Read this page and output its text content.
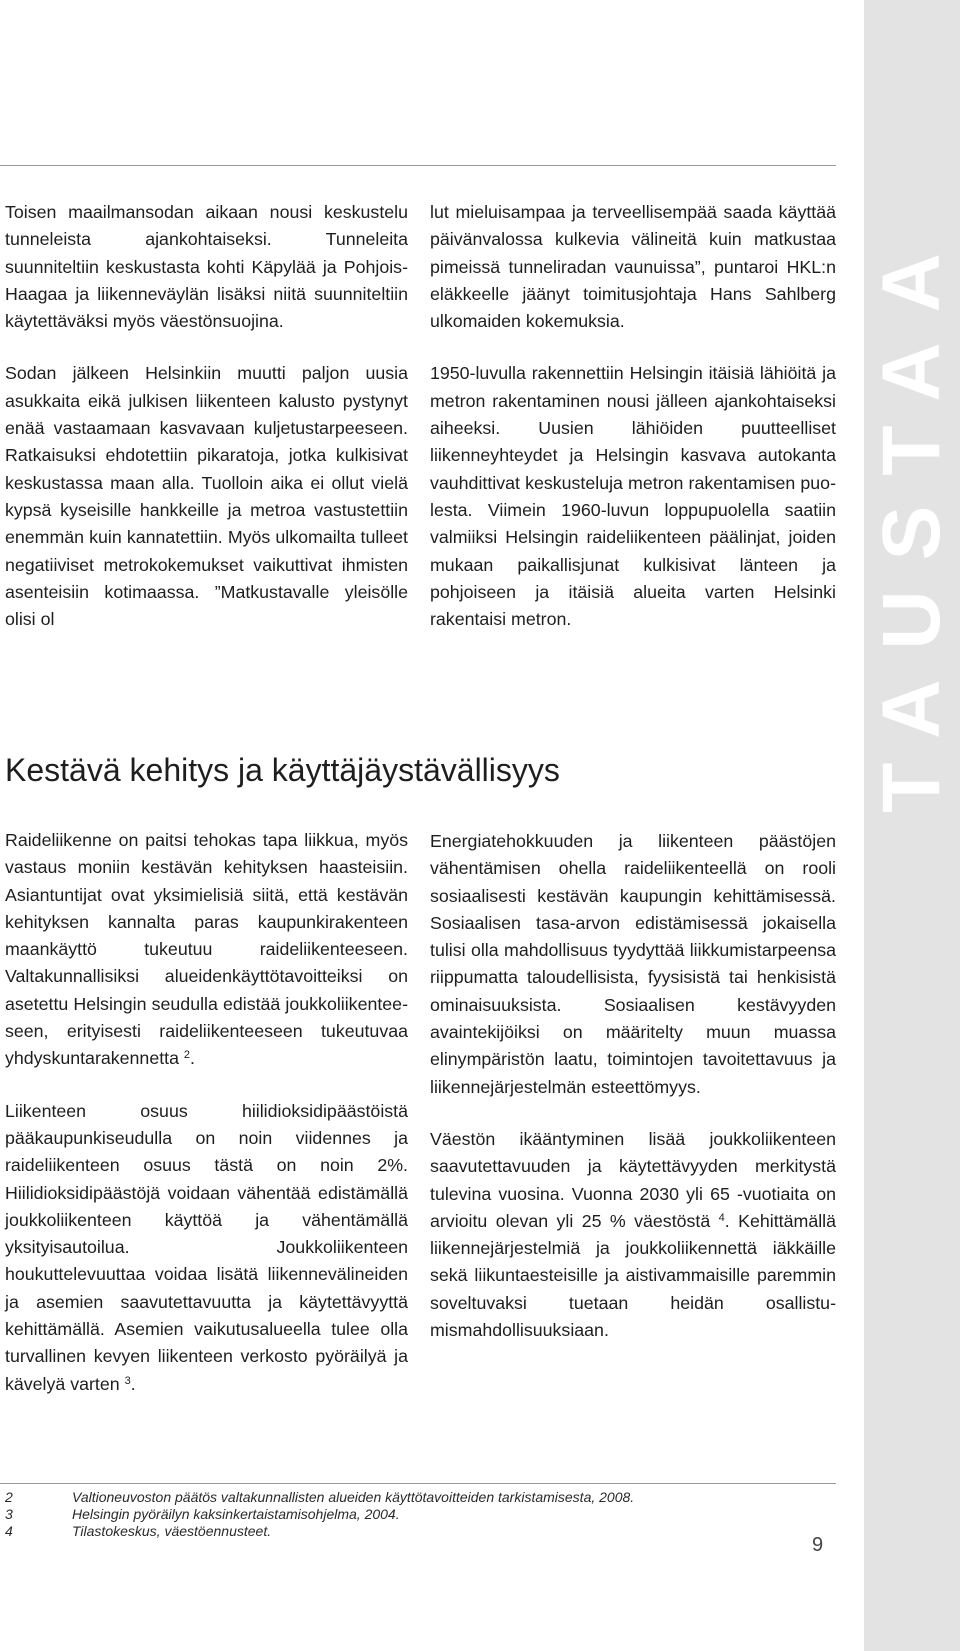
TAUSTAA

Toisen maailmansodan aikaan nousi keskustelu tunneleista ajankohtaiseksi. Tunneleita suunniteltiin keskustasta kohti Käpylää ja Pohjois-Haagaa ja liikenneväylän lisäksi niitä suunniteltiin käytettäväksi myös väestönsuojina.

Sodan jälkeen Helsinkiin muutti paljon uusia asukkaita eikä julkisen liikenteen kalusto pystynyt enää vastaamaan kasvavaan kuljetustarpeeseen. Ratkaisuksi ehdotettiin pikaratoja, jotka kulkisivat keskustassa maan alla. Tuolloin aika ei ollut vielä kypsä kyseisille hankkeille ja metroa vastustettiin enemmän kuin kannatettiin. Myös ulkomailta tulleet negatiiviset metrokokemukset vaikuttivat ihmisten asenteisiin kotimaassa. ”Matkustavalle yleisölle olisi ol

lut mieluisampaa ja terveellisempää saada käyttää päivänvalossa kulkevia välineitä kuin matkustaa pimeissä tunneliradan vaunuissa”, puntaroi HKL:n eläkkeelle jäänyt toimitusjohtaja Hans Sahlberg ulkomaiden kokemuksia.

1950-luvulla rakennettiin Helsingin itäisiä lähiöitä ja metron rakentaminen nousi jälleen ajankohtaiseksi aiheeksi. Uusien lähiöiden puutteelliset liikenneyhteydet ja Helsingin kasvava autokanta vauhdittivat keskusteluja metron rakentamisen puolesta. Viimein 1960-luvun loppupuolella saatiin valmiiksi Helsingin raideliikenteen päälinjat, joiden mukaan paikallisjunat kulkisivat länteen ja pohjoiseen ja itäisiä alueita varten Helsinki rakentaisi metron.

Kestävä kehitys ja käyttäjäystävällisyys

Raideliikenne on paitsi tehokas tapa liikkua, myös vastaus moniin kestävän kehityksen haasteisiin. Asiantuntijat ovat yksimielisiä siitä, että kestävän kehityksen kannalta paras kaupunkirakenteen maankäyttö tukeutuu raideliikenteeseen. Valtakunnallisiksi alueidenkäyttötavoitteiksi on asetettu Helsingin seudulla edistää joukkoliikenteeseen, erityisesti raideliikenteeseen tukeutuvaa yhdyskuntarakennetta $^2$.

Liikenteen osuus hiilidioksidipäästöistä pääkaupunkiseudulla on noin viidennes ja raideliikenteen osuus tästä on noin 2%. Hiilidioksidipäästöjä voidaan vähentää edistämällä joukkoliikenteen käyttöä ja vähentämällä yksityisautoilua. Joukkoliikenteen houkuttelevuuttaa voidaa lisätä liikennevälineiden ja asemien saavutettavuutta ja käytettävyyttä kehittämällä. Asemien vaikutusalueella tulee olla turvallinen kevyen liikenteen verkosto pyöräilyä ja kävelyä varten $^3$.

Energiatehokkuuden ja liikenteen päästöjen vähentämisen ohella raideliikenteellä on rooli sosiaalisesti kestävän kaupungin kehittämisessä. Sosiaalisen tasa-arvon edistämisessä jokaisella tulisi olla mahdollisuus tyydyttää liikkumistarpeensa riippumatta taloudellisista, fyysisistä tai henkisistä ominaisuuksista. Sosiaalisen kestävyyden avaintekijöiksi on määritelty muun muassa elinympäristön laatu, toimintojen tavoitettavuus ja liikennejärjestelmän esteettömyys.

Väestön ikääntyminen lisää joukkoliikenteen saavutettavuuden ja käytettävyyden merkitystä tulevina vuosina. Vuonna 2030 yli 65 -vuotiaita on arvioitu olevan yli 25 % väestöstä $^4$. Kehittämällä liikennejärjestelmiä ja joukkoliikennettä iäkkäille sekä liikuntaesteisille ja aistivammaisille paremmin soveltuvaksi tuetaan heidän osallistumismahdollisuuksiaan.

2	Valtioneuvoston päätös valtakunnallisten alueiden käyttötavoitteiden tarkistamisesta, 2008.
3	Helsingin pyöräilyn kaksinkertaistamisohjelma, 2004.
4	Tilastokeskus, väestöennusteet.
9
